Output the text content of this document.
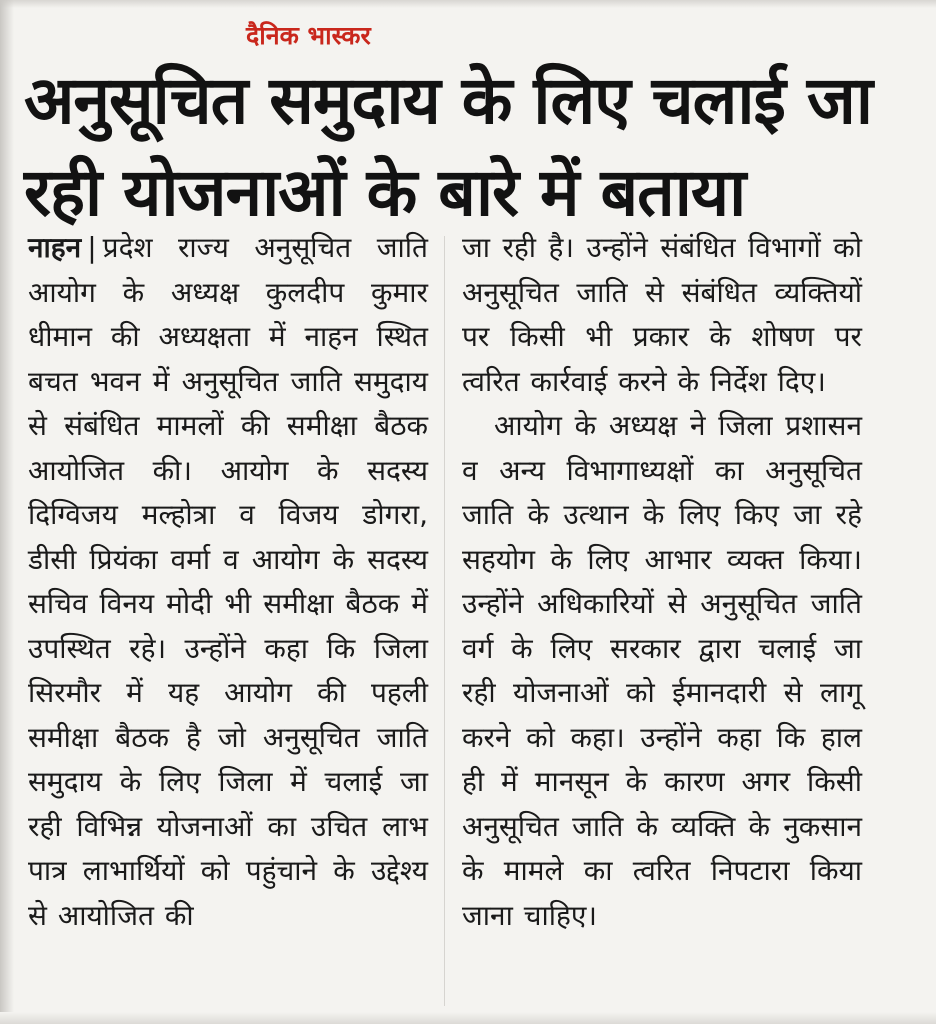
दैनिक भास्कर
अनुसूचित समुदाय के लिए चलाई जा रही योजनाओं के बारे में बताया

नाहन | प्रदेश राज्य अनुसूचित जाति आयोग के अध्यक्ष कुलदीप कुमार धीमान की अध्यक्षता में नाहन स्थित बचत भवन में अनुसूचित जाति समुदाय से संबंधित मामलों की समीक्षा बैठक आयोजित की। आयोग के सदस्य दिग्विजय मल्होत्रा व विजय डोगरा, डीसी प्रियंका वर्मा व आयोग के सदस्य सचिव विनय मोदी भी समीक्षा बैठक में उपस्थित रहे। उन्होंने कहा कि जिला सिरमौर में यह आयोग की पहली समीक्षा बैठक है जो अनुसूचित जाति समुदाय के लिए जिला में चलाई जा रही विभिन्न योजनाओं का उचित लाभ पात्र लाभार्थियों को पहुंचाने के उद्देश्य से आयोजित की

जा रही है। उन्होंने संबंधित विभागों को अनुसूचित जाति से संबंधित व्यक्तियों पर किसी भी प्रकार के शोषण पर त्वरित कार्रवाई करने के निर्देश दिए।

आयोग के अध्यक्ष ने जिला प्रशासन व अन्य विभागाध्यक्षों का अनुसूचित जाति के उत्थान के लिए किए जा रहे सहयोग के लिए आभार व्यक्त किया। उन्होंने अधिकारियों से अनुसूचित जाति वर्ग के लिए सरकार द्वारा चलाई जा रही योजनाओं को ईमानदारी से लागू करने को कहा। उन्होंने कहा कि हाल ही में मानसून के कारण अगर किसी अनुसूचित जाति के व्यक्ति के नुकसान के मामले का त्वरित निपटारा किया जाना चाहिए।
